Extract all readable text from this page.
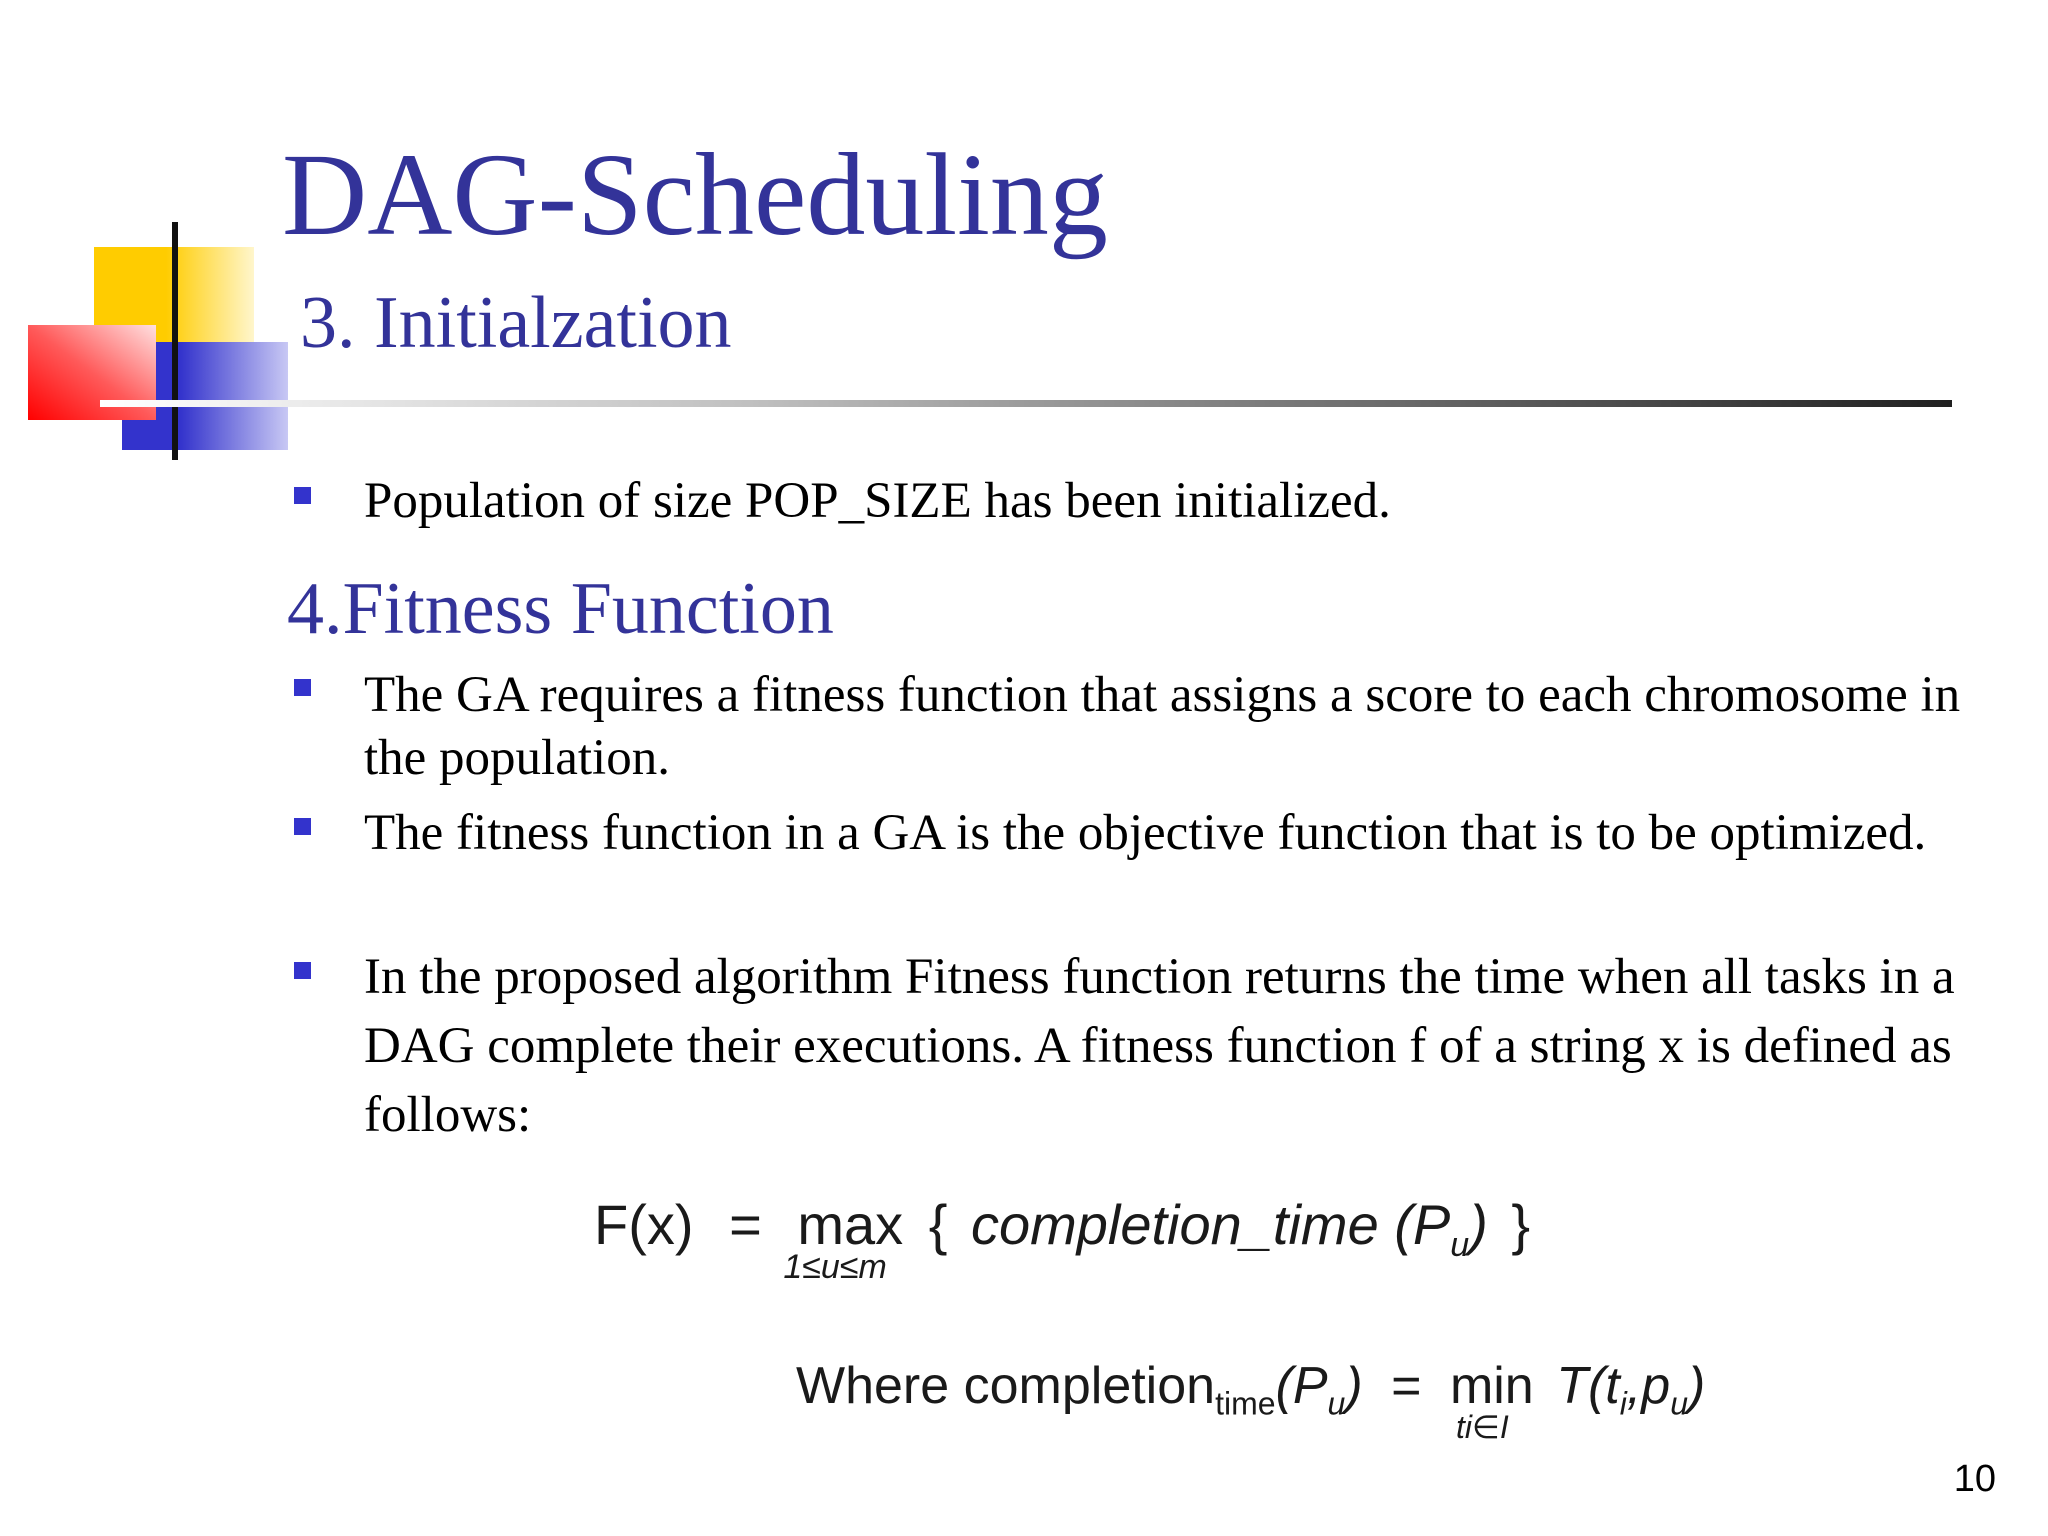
DAG-Scheduling
3. Initialzation
Population of size POP_SIZE has been initialized.
4.Fitness Function
The GA requires a fitness function that assigns a score to each chromosome in the population.
The fitness function in a GA is the objective function that is to be optimized.
In the proposed algorithm Fitness function returns the time when all tasks in a DAG complete their executions. A fitness function f of a string x is defined as follows:
F(x) = max
1≤u≤m
{ completion_time $(P_u)$ }
Where $completion_{time}(P_u) = \min$
ti∈I
$T(t_i,p_u)$
10
